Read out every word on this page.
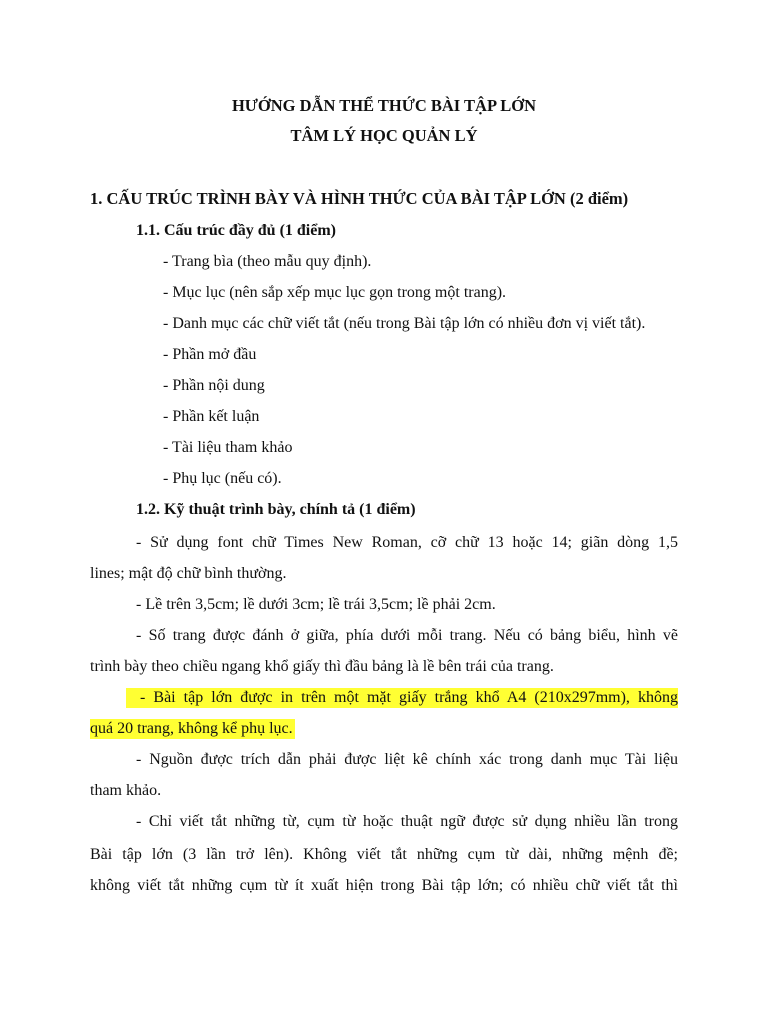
HƯỚNG DẪN THỂ THỨC BÀI TẬP LỚN
TÂM LÝ HỌC QUẢN LÝ
1. CẤU TRÚC TRÌNH BÀY VÀ HÌNH THỨC CỦA BÀI TẬP LỚN (2 điểm)
1.1. Cấu trúc đầy đủ (1 điểm)
- Trang bìa (theo mẫu quy định).
- Mục lục (nên sắp xếp mục lục gọn trong một trang).
- Danh mục các chữ viết tắt (nếu trong Bài tập lớn có nhiều đơn vị viết tắt).
- Phần mở đầu
- Phần nội dung
- Phần kết luận
- Tài liệu tham khảo
- Phụ lục (nếu có).
1.2. Kỹ thuật trình bày, chính tả (1 điểm)
- Sử dụng font chữ Times New Roman, cỡ chữ 13 hoặc 14; giãn dòng 1,5
lines; mật độ chữ bình thường.
- Lề trên 3,5cm; lề dưới 3cm; lề trái 3,5cm; lề phải 2cm.
- Số trang được đánh ở giữa, phía dưới mỗi trang. Nếu có bảng biểu, hình vẽ
trình bày theo chiều ngang khổ giấy thì đầu bảng là lề bên trái của trang.
- Bài tập lớn được in trên một mặt giấy trắng khổ A4 (210x297mm), không
quá 20 trang, không kể phụ lục.
- Nguồn được trích dẫn phải được liệt kê chính xác trong danh mục Tài liệu
tham khảo.
- Chỉ viết tắt những từ, cụm từ hoặc thuật ngữ được sử dụng nhiều lần trong
Bài tập lớn (3 lần trở lên). Không viết tắt những cụm từ dài, những mệnh đề;
không viết tắt những cụm từ ít xuất hiện trong Bài tập lớn; có nhiều chữ viết tắt thì
